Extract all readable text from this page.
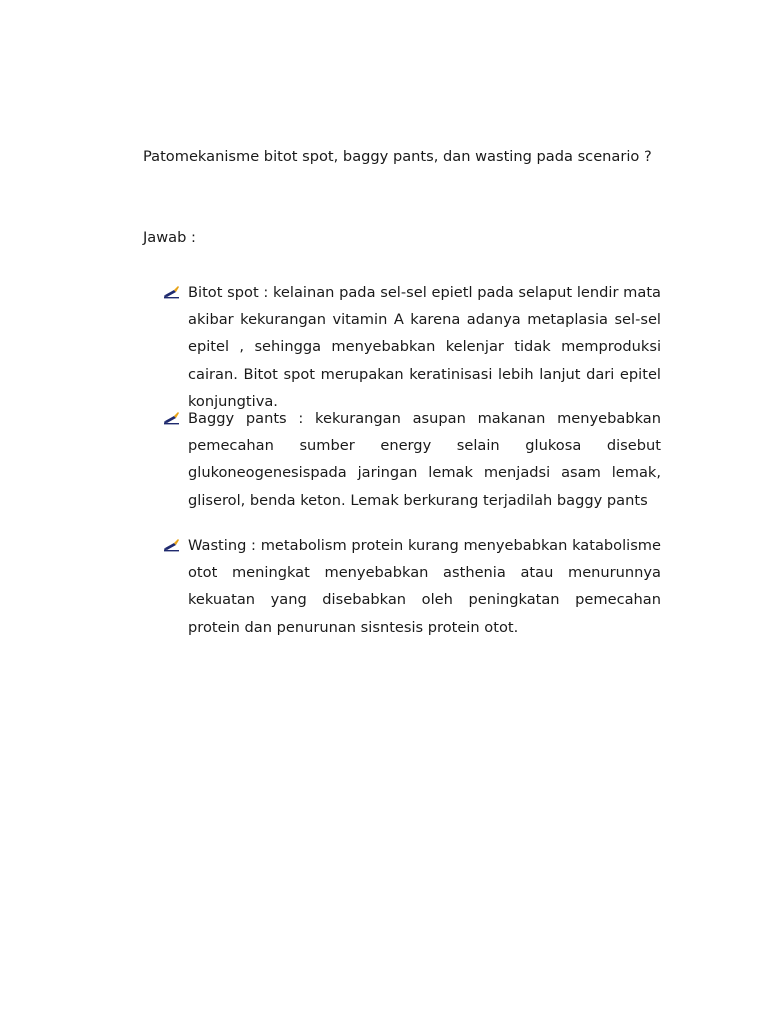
Patomekanisme bitot spot, baggy pants, dan wasting pada scenario ?

Jawab :

Bitot spot : kelainan pada sel-sel epietl pada selaput lendir mata akibar kekurangan vitamin A karena adanya metaplasia sel-sel epitel , sehingga menyebabkan kelenjar tidak memproduksi cairan. Bitot spot merupakan keratinisasi lebih lanjut dari epitel konjungtiva.

Baggy pants : kekurangan asupan makanan menyebabkan pemecahan sumber energy selain glukosa disebut glukoneogenesispada jaringan lemak menjadsi asam lemak, gliserol, benda keton. Lemak berkurang terjadilah baggy pants

Wasting : metabolism protein kurang menyebabkan katabolisme otot meningkat menyebabkan asthenia atau menurunnya kekuatan yang disebabkan oleh peningkatan pemecahan protein dan penurunan sisntesis protein otot.
